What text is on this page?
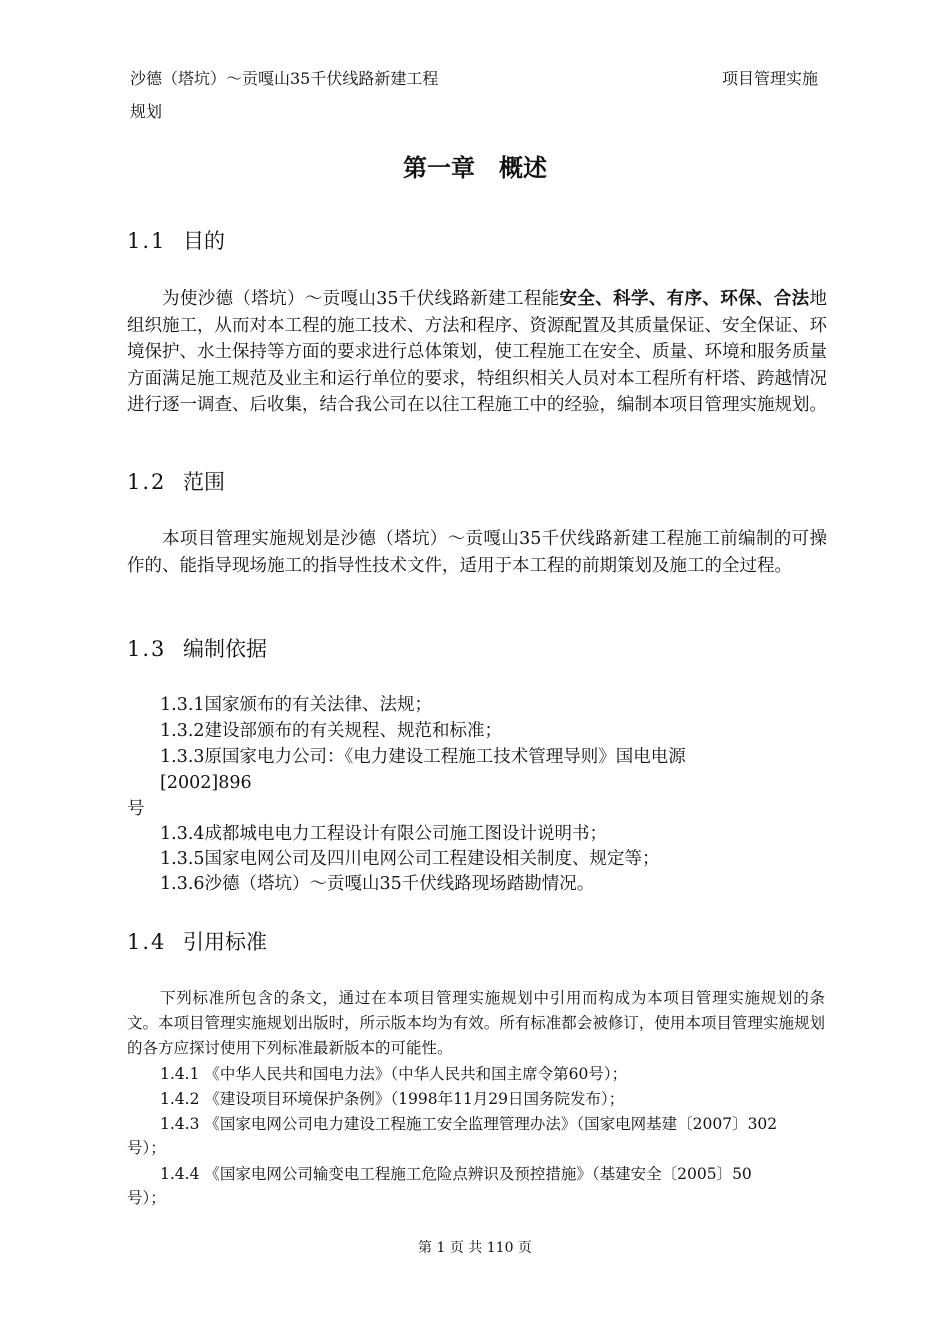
沙德（塔坑）～贡嘎山35千伏线路新建工程	项目管理实施
规划
第一章　概述
1.1 目的
为使沙德（塔坑）～贡嘎山35千伏线路新建工程能安全、科学、有序、环保、合法地组织施工，从而对本工程的施工技术、方法和程序、资源配置及其质量保证、安全保证、环境保护、水土保持等方面的要求进行总体策划，使工程施工在安全、质量、环境和服务质量方面满足施工规范及业主和运行单位的要求，特组织相关人员对本工程所有杆塔、跨越情况进行逐一调查、后收集，结合我公司在以往工程施工中的经验，编制本项目管理实施规划。
1.2 范围
本项目管理实施规划是沙德（塔坑）～贡嘎山35千伏线路新建工程施工前编制的可操作的、能指导现场施工的指导性技术文件，适用于本工程的前期策划及施工的全过程。
1.3 编制依据
1.3.1国家颁布的有关法律、法规；
1.3.2建设部颁布的有关规程、规范和标准；
1.3.3原国家电力公司：《电力建设工程施工技术管理导则》国电电源
[2002]896
号
1.3.4成都城电电力工程设计有限公司施工图设计说明书；
1.3.5国家电网公司及四川电网公司工程建设相关制度、规定等；
1.3.6沙德（塔坑）～贡嘎山35千伏线路现场踏勘情况。
1.4 引用标准
下列标准所包含的条文，通过在本项目管理实施规划中引用而构成为本项目管理实施规划的条文。本项目管理实施规划出版时，所示版本均为有效。所有标准都会被修订，使用本项目管理实施规划的各方应探讨使用下列标准最新版本的可能性。
1.4.1 《中华人民共和国电力法》（中华人民共和国主席令第60号）；
1.4.2 《建设项目环境保护条例》（1998年11月29日国务院发布）；
1.4.3 《国家电网公司电力建设工程施工安全监理管理办法》（国家电网基建〔2007〕302
号）；
1.4.4 《国家电网公司输变电工程施工危险点辨识及预控措施》（基建安全〔2005〕50
号）；
第 1 页 共 110 页
